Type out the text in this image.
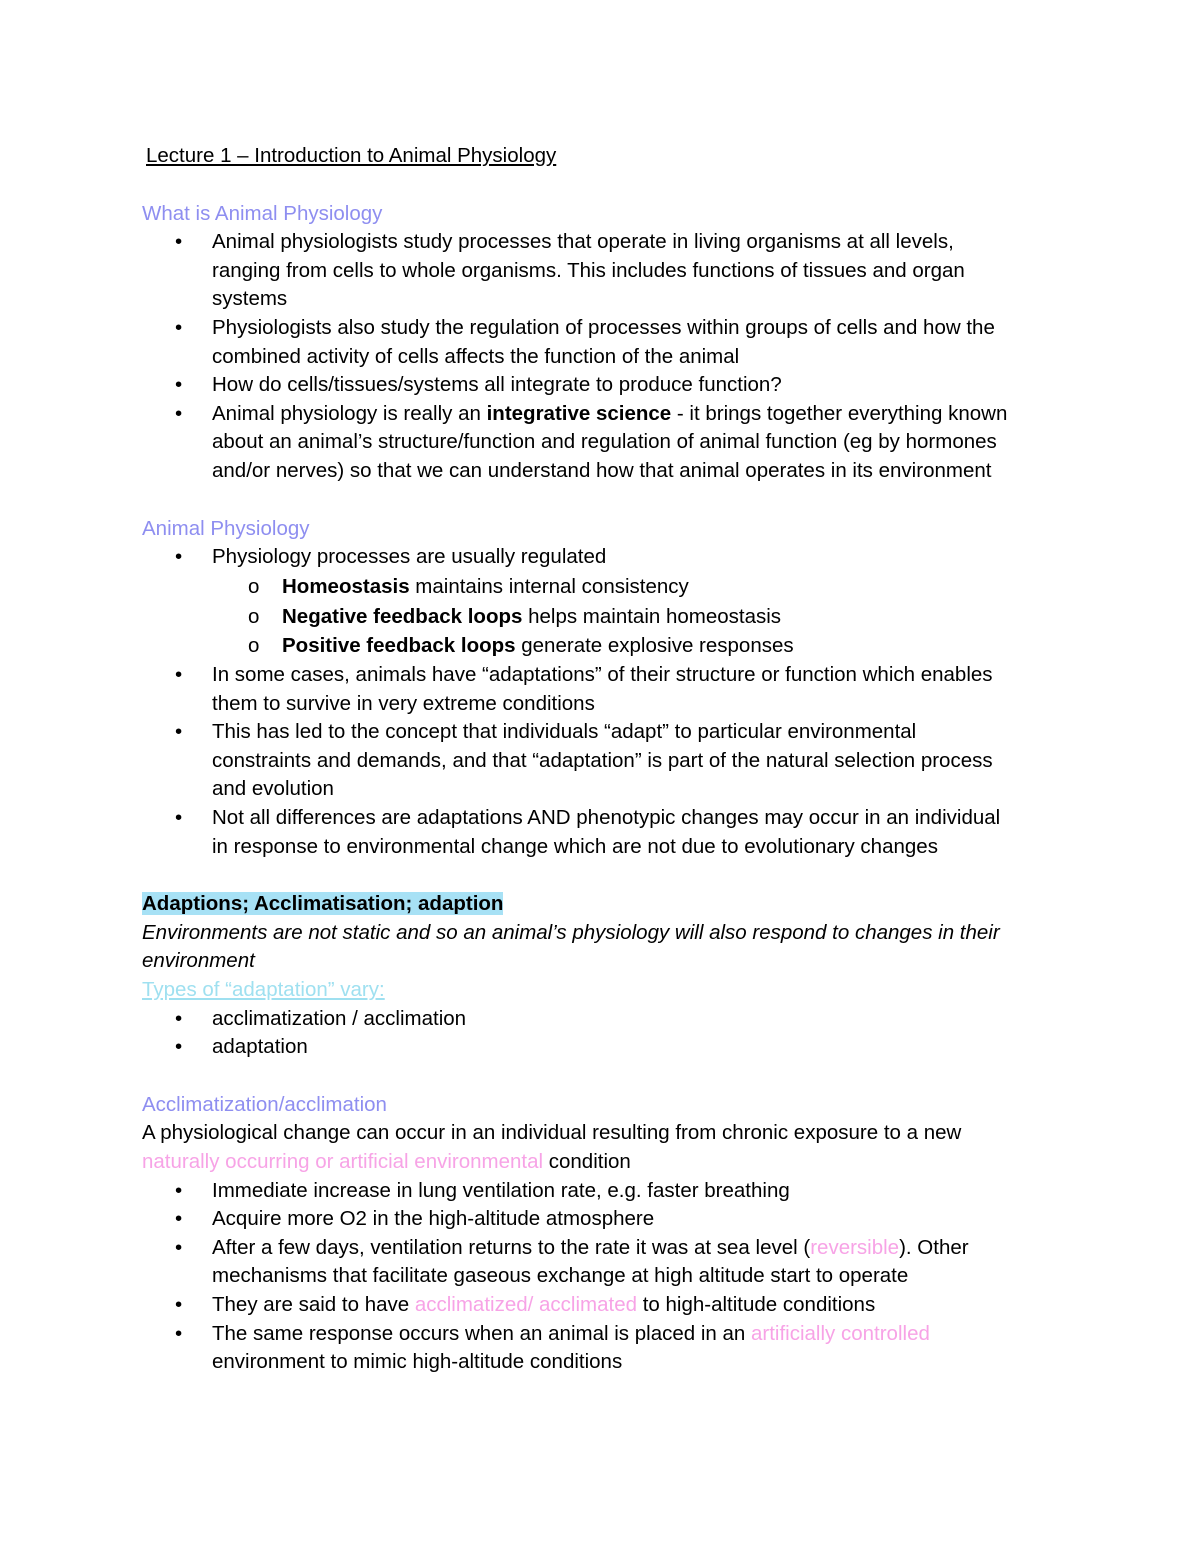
Lecture 1 – Introduction to Animal Physiology
What is Animal Physiology
• Animal physiologists study processes that operate in living organisms at all levels,
ranging from cells to whole organisms. This includes functions of tissues and organ
systems
• Physiologists also study the regulation of processes within groups of cells and how the
combined activity of cells affects the function of the animal
• How do cells/tissues/systems all integrate to produce function?
• Animal physiology is really an integrative science - it brings together everything known
about an animal’s structure/function and regulation of animal function (eg by hormones
and/or nerves) so that we can understand how that animal operates in its environment
Animal Physiology
• Physiology processes are usually regulated
o Homeostasis maintains internal consistency
o Negative feedback loops helps maintain homeostasis
o Positive feedback loops generate explosive responses
• In some cases, animals have “adaptations” of their structure or function which enables
them to survive in very extreme conditions
• This has led to the concept that individuals “adapt” to particular environmental
constraints and demands, and that “adaptation” is part of the natural selection process
and evolution
• Not all differences are adaptations AND phenotypic changes may occur in an individual
in response to environmental change which are not due to evolutionary changes
Adaptions; Acclimatisation; adaption
Environments are not static and so an animal’s physiology will also respond to changes in their
environment
Types of “adaptation” vary:
• acclimatization / acclimation
• adaptation
Acclimatization/acclimation
A physiological change can occur in an individual resulting from chronic exposure to a new
naturally occurring or artificial environmental condition
• Immediate increase in lung ventilation rate, e.g. faster breathing
• Acquire more O2 in the high-altitude atmosphere
• After a few days, ventilation returns to the rate it was at sea level (reversible). Other
mechanisms that facilitate gaseous exchange at high altitude start to operate
• They are said to have acclimatized/ acclimated to high-altitude conditions
• The same response occurs when an animal is placed in an artificially controlled
environment to mimic high-altitude conditions
